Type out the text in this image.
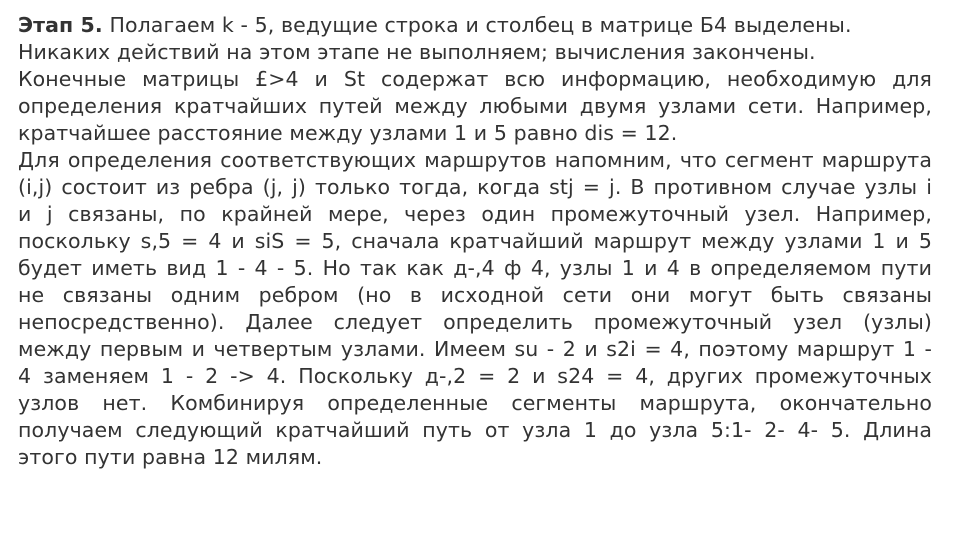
Этап 5. Полагаем k - 5, ведущие строка и столбец в матрице Б4 выделены.
Никаких действий на этом этапе не выполняем; вычисления закончены.
Конечные матрицы £>4 и St содержат всю информацию, необходимую для
определения кратчайших путей между любыми двумя узлами сети. Например,
кратчайшее расстояние между узлами 1 и 5 равно dis = 12.
Для определения соответствующих маршрутов напомним, что сегмент маршрута
(i,j) состоит из ребра (j, j) только тогда, когда stj = j. В противном случае узлы i
и j связаны, по крайней мере, через один промежуточный узел. Например,
поскольку s,5 = 4 и siS = 5, сначала кратчайший маршрут между узлами 1 и 5
будет иметь вид 1 - 4 - 5. Но так как д-,4 ф 4, узлы 1 и 4 в определяемом пути
не связаны одним ребром (но в исходной сети они могут быть связаны
непосредственно). Далее следует определить промежуточный узел (узлы)
между первым и четвертым узлами. Имеем su - 2 и s2i = 4, поэтому маршрут 1 -
4 заменяем 1 - 2 -> 4. Поскольку д-,2 = 2 и s24 = 4, других промежуточных
узлов нет. Комбинируя определенные сегменты маршрута, окончательно
получаем следующий кратчайший путь от узла 1 до узла 5:1- 2- 4- 5. Длина
этого пути равна 12 милям.
